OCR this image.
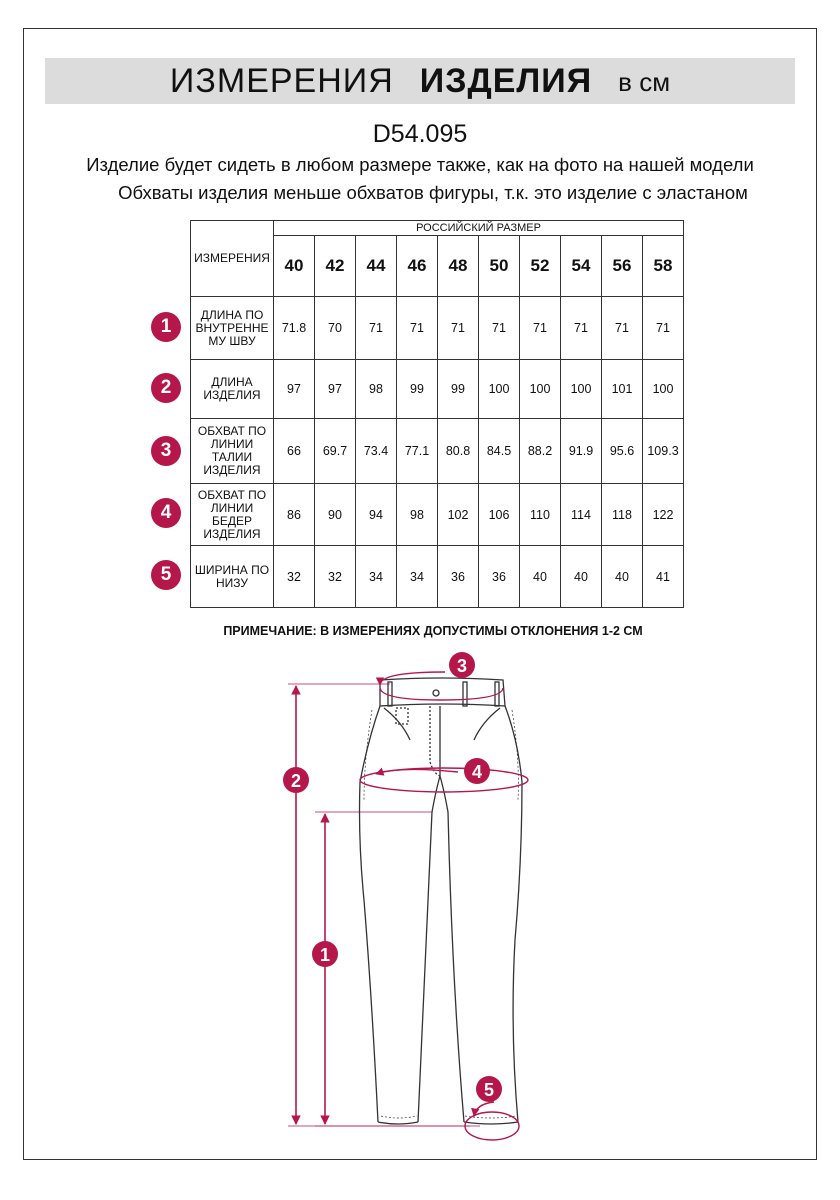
ИЗМЕРЕНИЯ ИЗДЕЛИЯ в см
D54.095
Изделие будет сидеть в любом размере также, как на фото на нашей модели
Обхваты изделия меньше обхватов фигуры, т.к. это изделие с эластаном
ИЗМЕРЕНИЯ	РОССИЙСКИЙ РАЗМЕР									
	40	42	44	46	48	50	52	54	56	58
ДЛИНА ПО
ВНУТРЕННЕ
МУ ШВУ	71.8	70	71	71	71	71	71	71	71	71
ДЛИНА
ИЗДЕЛИЯ	97	97	98	99	99	100	100	100	101	100
ОБХВАТ ПО
ЛИНИИ
ТАЛИИ
ИЗДЕЛИЯ	66	69.7	73.4	77.1	80.8	84.5	88.2	91.9	95.6	109.3
ОБХВАТ ПО
ЛИНИИ
БЕДЕР
ИЗДЕЛИЯ	86	90	94	98	102	106	110	114	118	122
ШИРИНА ПО
НИЗУ	32	32	34	34	36	36	40	40	40	41
1
2
3
4
5
ПРИМЕЧАНИЕ: В ИЗМЕРЕНИЯХ ДОПУСТИМЫ ОТКЛОНЕНИЯ 1-2 СМ
3
4
2
1
5
